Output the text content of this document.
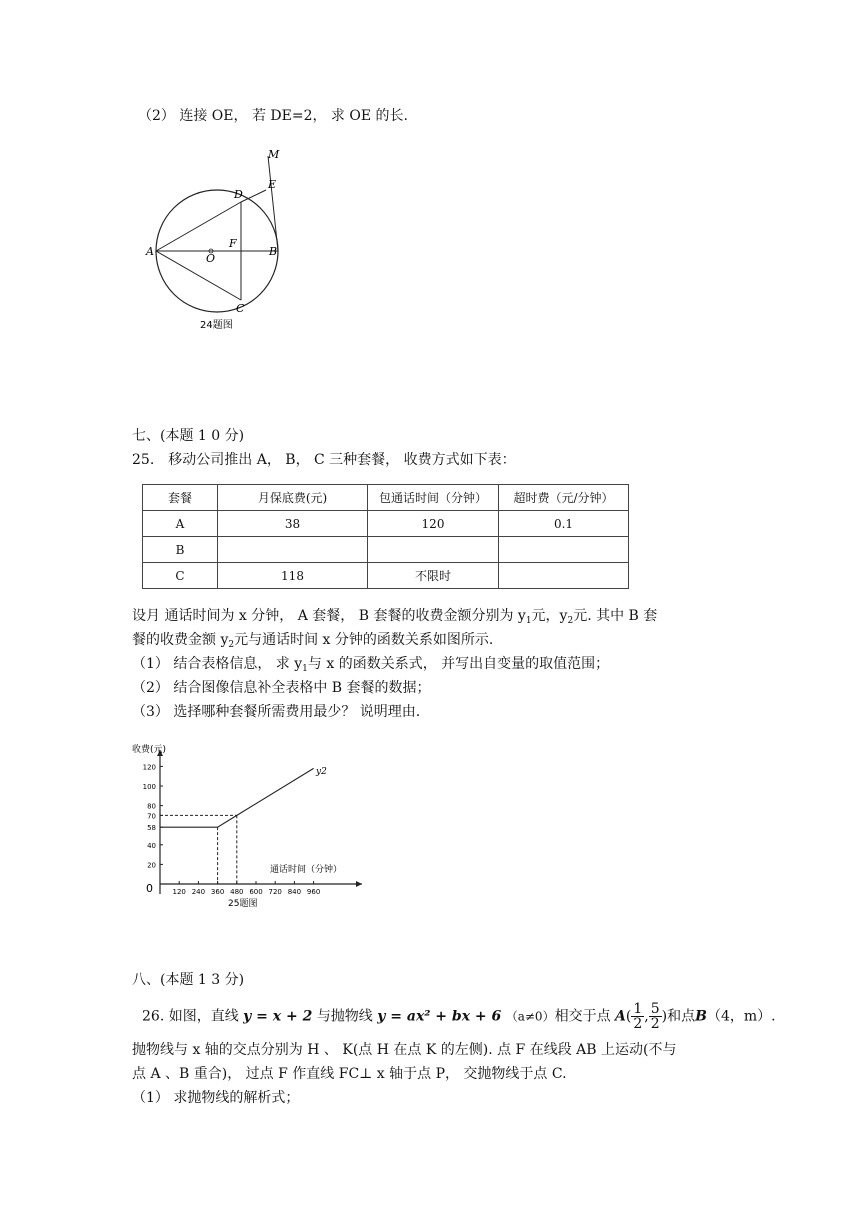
（2） 连接 OE， 若 DE=2， 求 OE 的长.
M
E
D
A
O
F
B
C
24题图
七、(本题 1 0 分)
25.　移动公司推出 A， B， C 三种套餐， 收费方式如下表：
套餐	月保底费(元)	包通话时间（分钟）	超时费（元/分钟）
A	38	120	0.1
B			
C	118	不限时	
设月 通话时间为 x 分钟， A 套餐， B 套餐的收费金额分别为 $y_1$元，$y_2$元. 其中 B 套
餐的收费金额 $y_2$元与通话时间 x 分钟的函数关系如图所示.
（1） 结合表格信息， 求 $y_1$与 x 的函数关系式， 并写出自变量的取值范围；
（2） 结合图像信息补全表格中 B 套餐的数据；
（3） 选择哪种套餐所需费用最少？ 说明理由.
120
100
80
70
58
40
20
120 240 360 480 600 720 840 960
0
收费(元)
通话时间（分钟）
y2
25题图
八、(本题 1 3 分)
26. 如图，直线 y = x + 2 与抛物线 y = ax² + bx + 6 （a≠0）相交于点 $A( \frac{1}{2}$ , $\frac{5}{2}$ )和点B（4，m）.
抛物线与 x 轴的交点分别为 H 、 K(点 H 在点 K 的左侧). 点 F 在线段 AB 上运动(不与
点 A 、B 重合)， 过点 F 作直线 FC⊥ x 轴于点 P， 交抛物线于点 C.
（1） 求抛物线的解析式；
